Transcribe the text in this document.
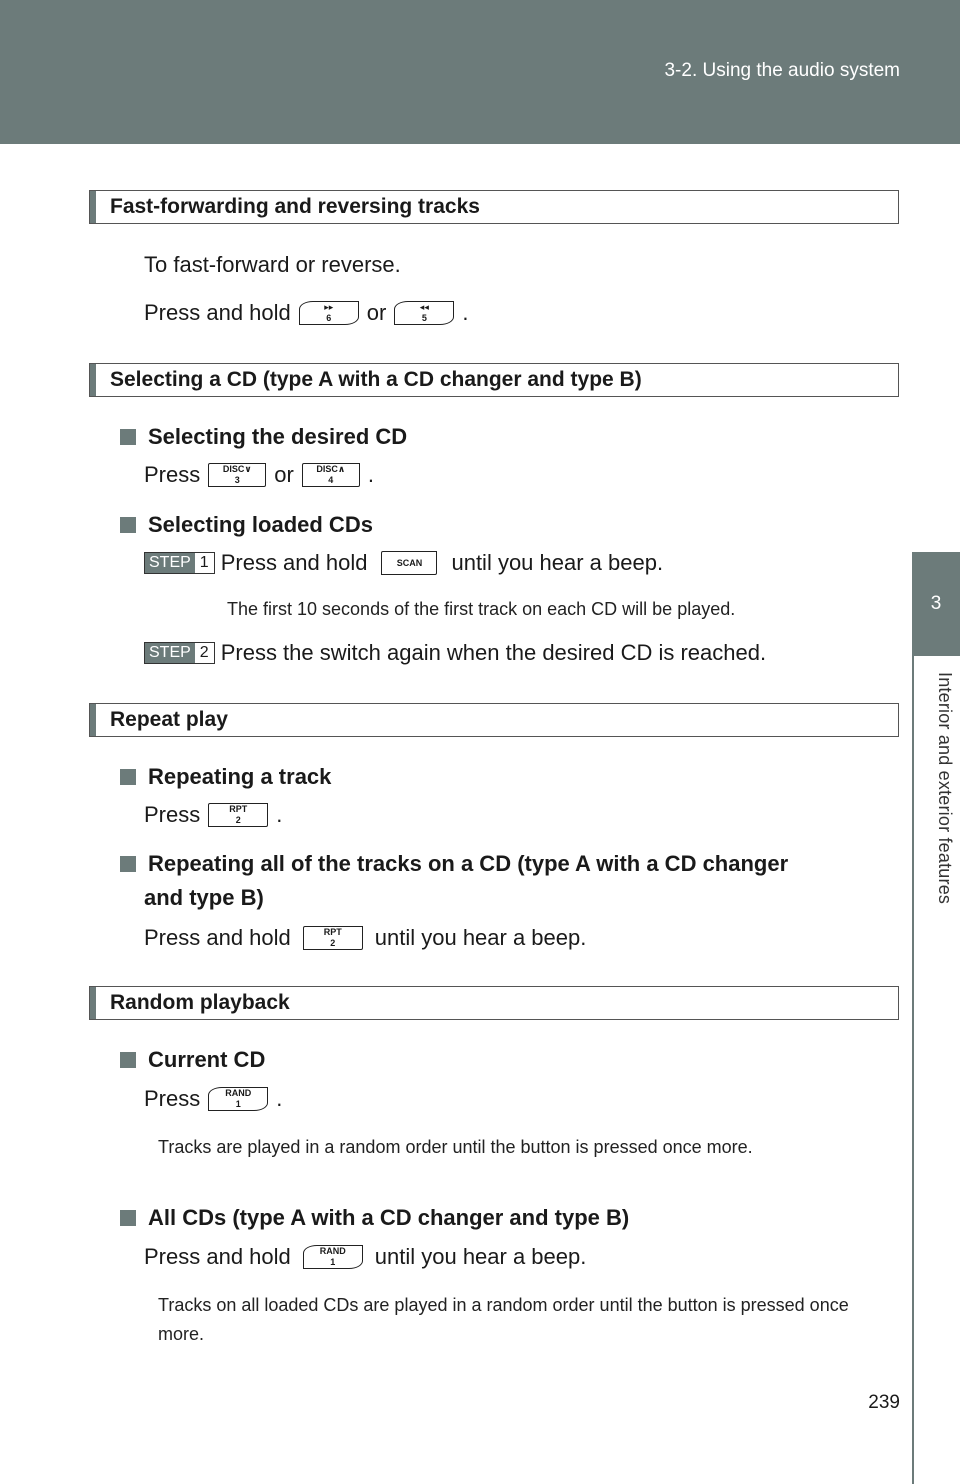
3-2. Using the audio system
3
Interior and exterior features
Fast-forwarding and reversing tracks
To fast-forward or reverse.
Press and hold	▸▸
6	or	◂◂
5	.
Selecting a CD (type A with a CD changer and type B)
Selecting the desired CD
Press	DISC∨
3	or	DISC∧
4	.
Selecting loaded CDs
STEP 1 Press and hold	SCAN	until you hear a beep.
The first 10 seconds of the first track on each CD will be played.
STEP 2 Press the switch again when the desired CD is reached.
Repeat play
Repeating a track
Press	RPT
2	.
Repeating all of the tracks on a CD (type A with a CD changer
and type B)
Press and hold	RPT
2	until you hear a beep.
Random playback
Current CD
Press	RAND
1	.
Tracks are played in a random order until the button is pressed once more.
All CDs (type A with a CD changer and type B)
Press and hold	RAND
1	until you hear a beep.
Tracks on all loaded CDs are played in a random order until the button is pressed once more.
239
